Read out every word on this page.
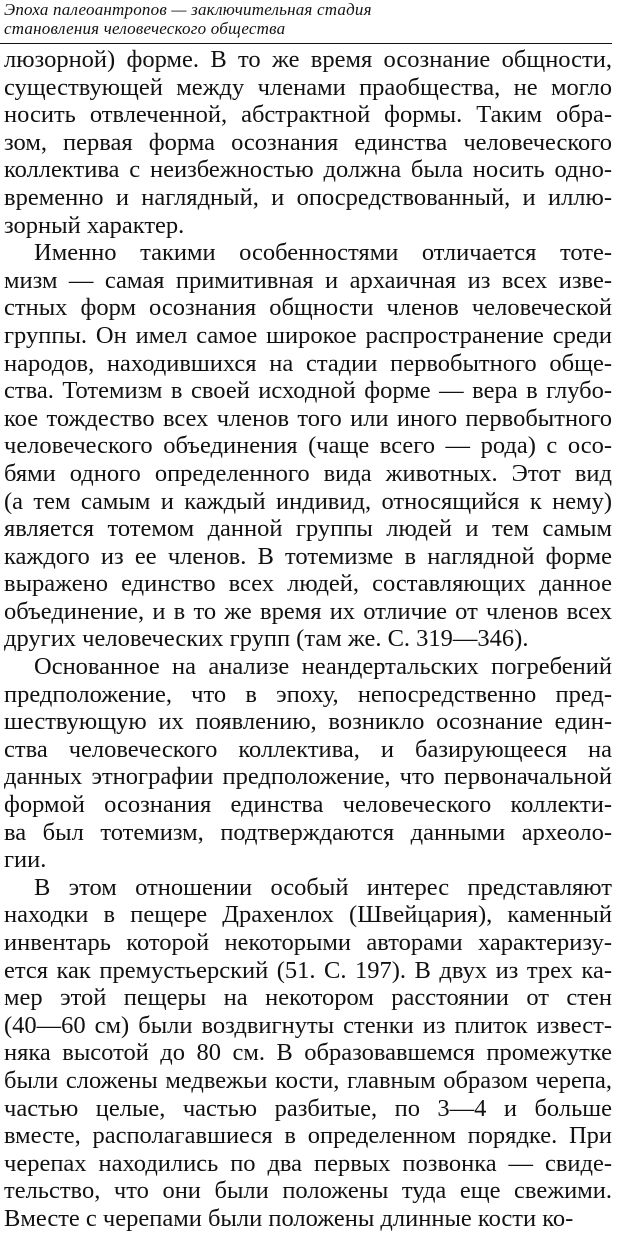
Эпоха палеоантропов — заключительная стадия
становления человеческого общества
люзорной) форме. В то же время осознание общности,
существующей между членами праобщества, не могло
носить отвлеченной, абстрактной формы. Таким обра-
зом, первая форма осознания единства человеческого
коллектива с неизбежностью должна была носить одно-
временно и наглядный, и опосредствованный, и иллю-
зорный характер.
Именно такими особенностями отличается тоте-
мизм — самая примитивная и архаичная из всех изве-
стных форм осознания общности членов человеческой
группы. Он имел самое широкое распространение среди
народов, находившихся на стадии первобытного обще-
ства. Тотемизм в своей исходной форме — вера в глубо-
кое тождество всех членов того или иного первобытного
человеческого объединения (чаще всего — рода) с осо-
бями одного определенного вида животных. Этот вид
(а тем самым и каждый индивид, относящийся к нему)
является тотемом данной группы людей и тем самым
каждого из ее членов. В тотемизме в наглядной форме
выражено единство всех людей, составляющих данное
объединение, и в то же время их отличие от членов всех
других человеческих групп (там же. С. 319—346).
Основанное на анализе неандертальских погребений
предположение, что в эпоху, непосредственно пред-
шествующую их появлению, возникло осознание един-
ства человеческого коллектива, и базирующееся на
данных этнографии предположение, что первоначальной
формой осознания единства человеческого коллекти-
ва был тотемизм, подтверждаются данными археоло-
гии.
В этом отношении особый интерес представляют
находки в пещере Драхенлох (Швейцария), каменный
инвентарь которой некоторыми авторами характеризу-
ется как премустьерский (51. С. 197). В двух из трех ка-
мер этой пещеры на некотором расстоянии от стен
(40—60 см) были воздвигнуты стенки из плиток извест-
няка высотой до 80 см. В образовавшемся промежутке
были сложены медвежьи кости, главным образом черепа,
частью целые, частью разбитые, по 3—4 и больше
вместе, располагавшиеся в определенном порядке. При
черепах находились по два первых позвонка — свиде-
тельство, что они были положены туда еще свежими.
Вместе с черепами были положены длинные кости ко-
